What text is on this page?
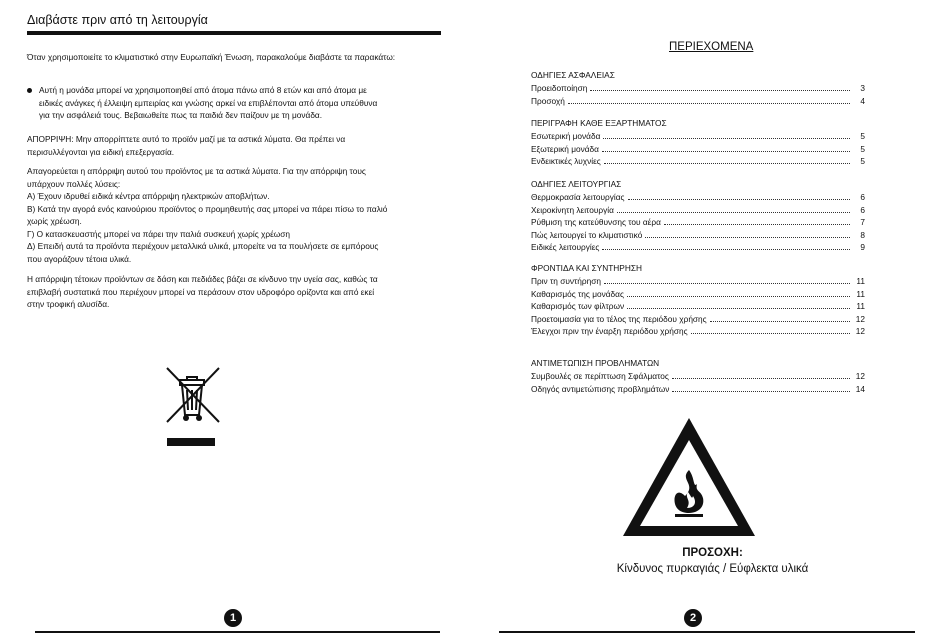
Διαβάστε πριν από τη λειτουργία
Όταν χρησιμοποιείτε το κλιματιστικό στην Ευρωπαϊκή Ένωση, παρακαλούμε διαβάστε τα παρακάτω:
Αυτή η μονάδα μπορεί να χρησιμοποιηθεί από άτομα πάνω από 8 ετών και από άτομα με
ειδικές ανάγκες ή έλλειψη εμπειρίας και γνώσης αρκεί να επιβλέπονται από άτομα υπεύθυνα
για την ασφάλειά τους. Βεβαιωθείτε πως τα παιδιά δεν παίζουν με τη μονάδα.
ΑΠΟΡΡΙΨΗ: Μην απορρίπτετε αυτό το προϊόν μαζί με τα αστικά λύματα. Θα πρέπει να
περισυλλέγονται για ειδική επεξεργασία.
Απαγορεύεται η απόρριψη αυτού του προϊόντος με τα αστικά λύματα. Για την απόρριψη τους
υπάρχουν πολλές λύσεις:
Α) Έχουν ιδρυθεί ειδικά κέντρα απόρριψη ηλεκτρικών αποβλήτων.
Β) Κατά την αγορά ενός καινούριου προϊόντος ο προμηθευτής σας μπορεί να πάρει πίσω το παλιό
χωρίς χρέωση.
Γ) Ο κατασκευαστής μπορεί να πάρει την παλιά συσκευή χωρίς χρέωση
Δ) Επειδή αυτά τα προϊόντα περιέχουν μεταλλικά υλικά, μπορείτε να τα πουλήσετε σε εμπόρους
που αγοράζουν τέτοια υλικά.
Η απόρριψη τέτοιων προϊόντων σε δάση και πεδιάδες βάζει σε κίνδυνο την υγεία σας, καθώς τα
επιβλαβή συστατικά που περιέχουν μπορεί να περάσουν στον υδροφόρο ορίζοντα και από εκεί
στην τροφική αλυσίδα.
1
ΠΕΡΙΕΧΟΜΕΝΑ
ΟΔΗΓΙΕΣ ΑΣΦΑΛΕΙΑΣ
Προειδοποίηση	3
Προσοχή	4
ΠΕΡΙΓΡΑΦΗ ΚΑΘΕ ΕΞΑΡΤΗΜΑΤΟΣ
Εσωτερική μονάδα	5
Εξωτερική μονάδα	5
Ενδεικτικές λυχνίες	5
ΟΔΗΓΙΕΣ ΛΕΙΤΟΥΡΓΙΑΣ
Θερμοκρασία λειτουργίας	6
Χειροκίνητη λειτουργία	6
Ρύθμιση της κατεύθυνσης του αέρα	7
Πώς λειτουργεί το κλιματιστικό	8
Ειδικές λειτουργίες	9
ΦΡΟΝΤΙΔΑ ΚΑΙ ΣΥΝΤΗΡΗΣΗ
Πριν τη συντήρηση	11
Καθαρισμός της μονάδας	11
Καθαρισμός των φίλτρων	11
Προετοιμασία για το τέλος της περιόδου χρήσης	12
Έλεγχοι πριν την έναρξη περιόδου χρήσης	12
ΑΝΤΙΜΕΤΩΠΙΣΗ ΠΡΟΒΛΗΜΑΤΩΝ
Συμβουλές σε περίπτωση Σφάλματος	12
Οδηγός αντιμετώπισης προβλημάτων	14
ΠΡΟΣΟΧΗ:
Κίνδυνος πυρκαγιάς / Εύφλεκτα υλικά
2
